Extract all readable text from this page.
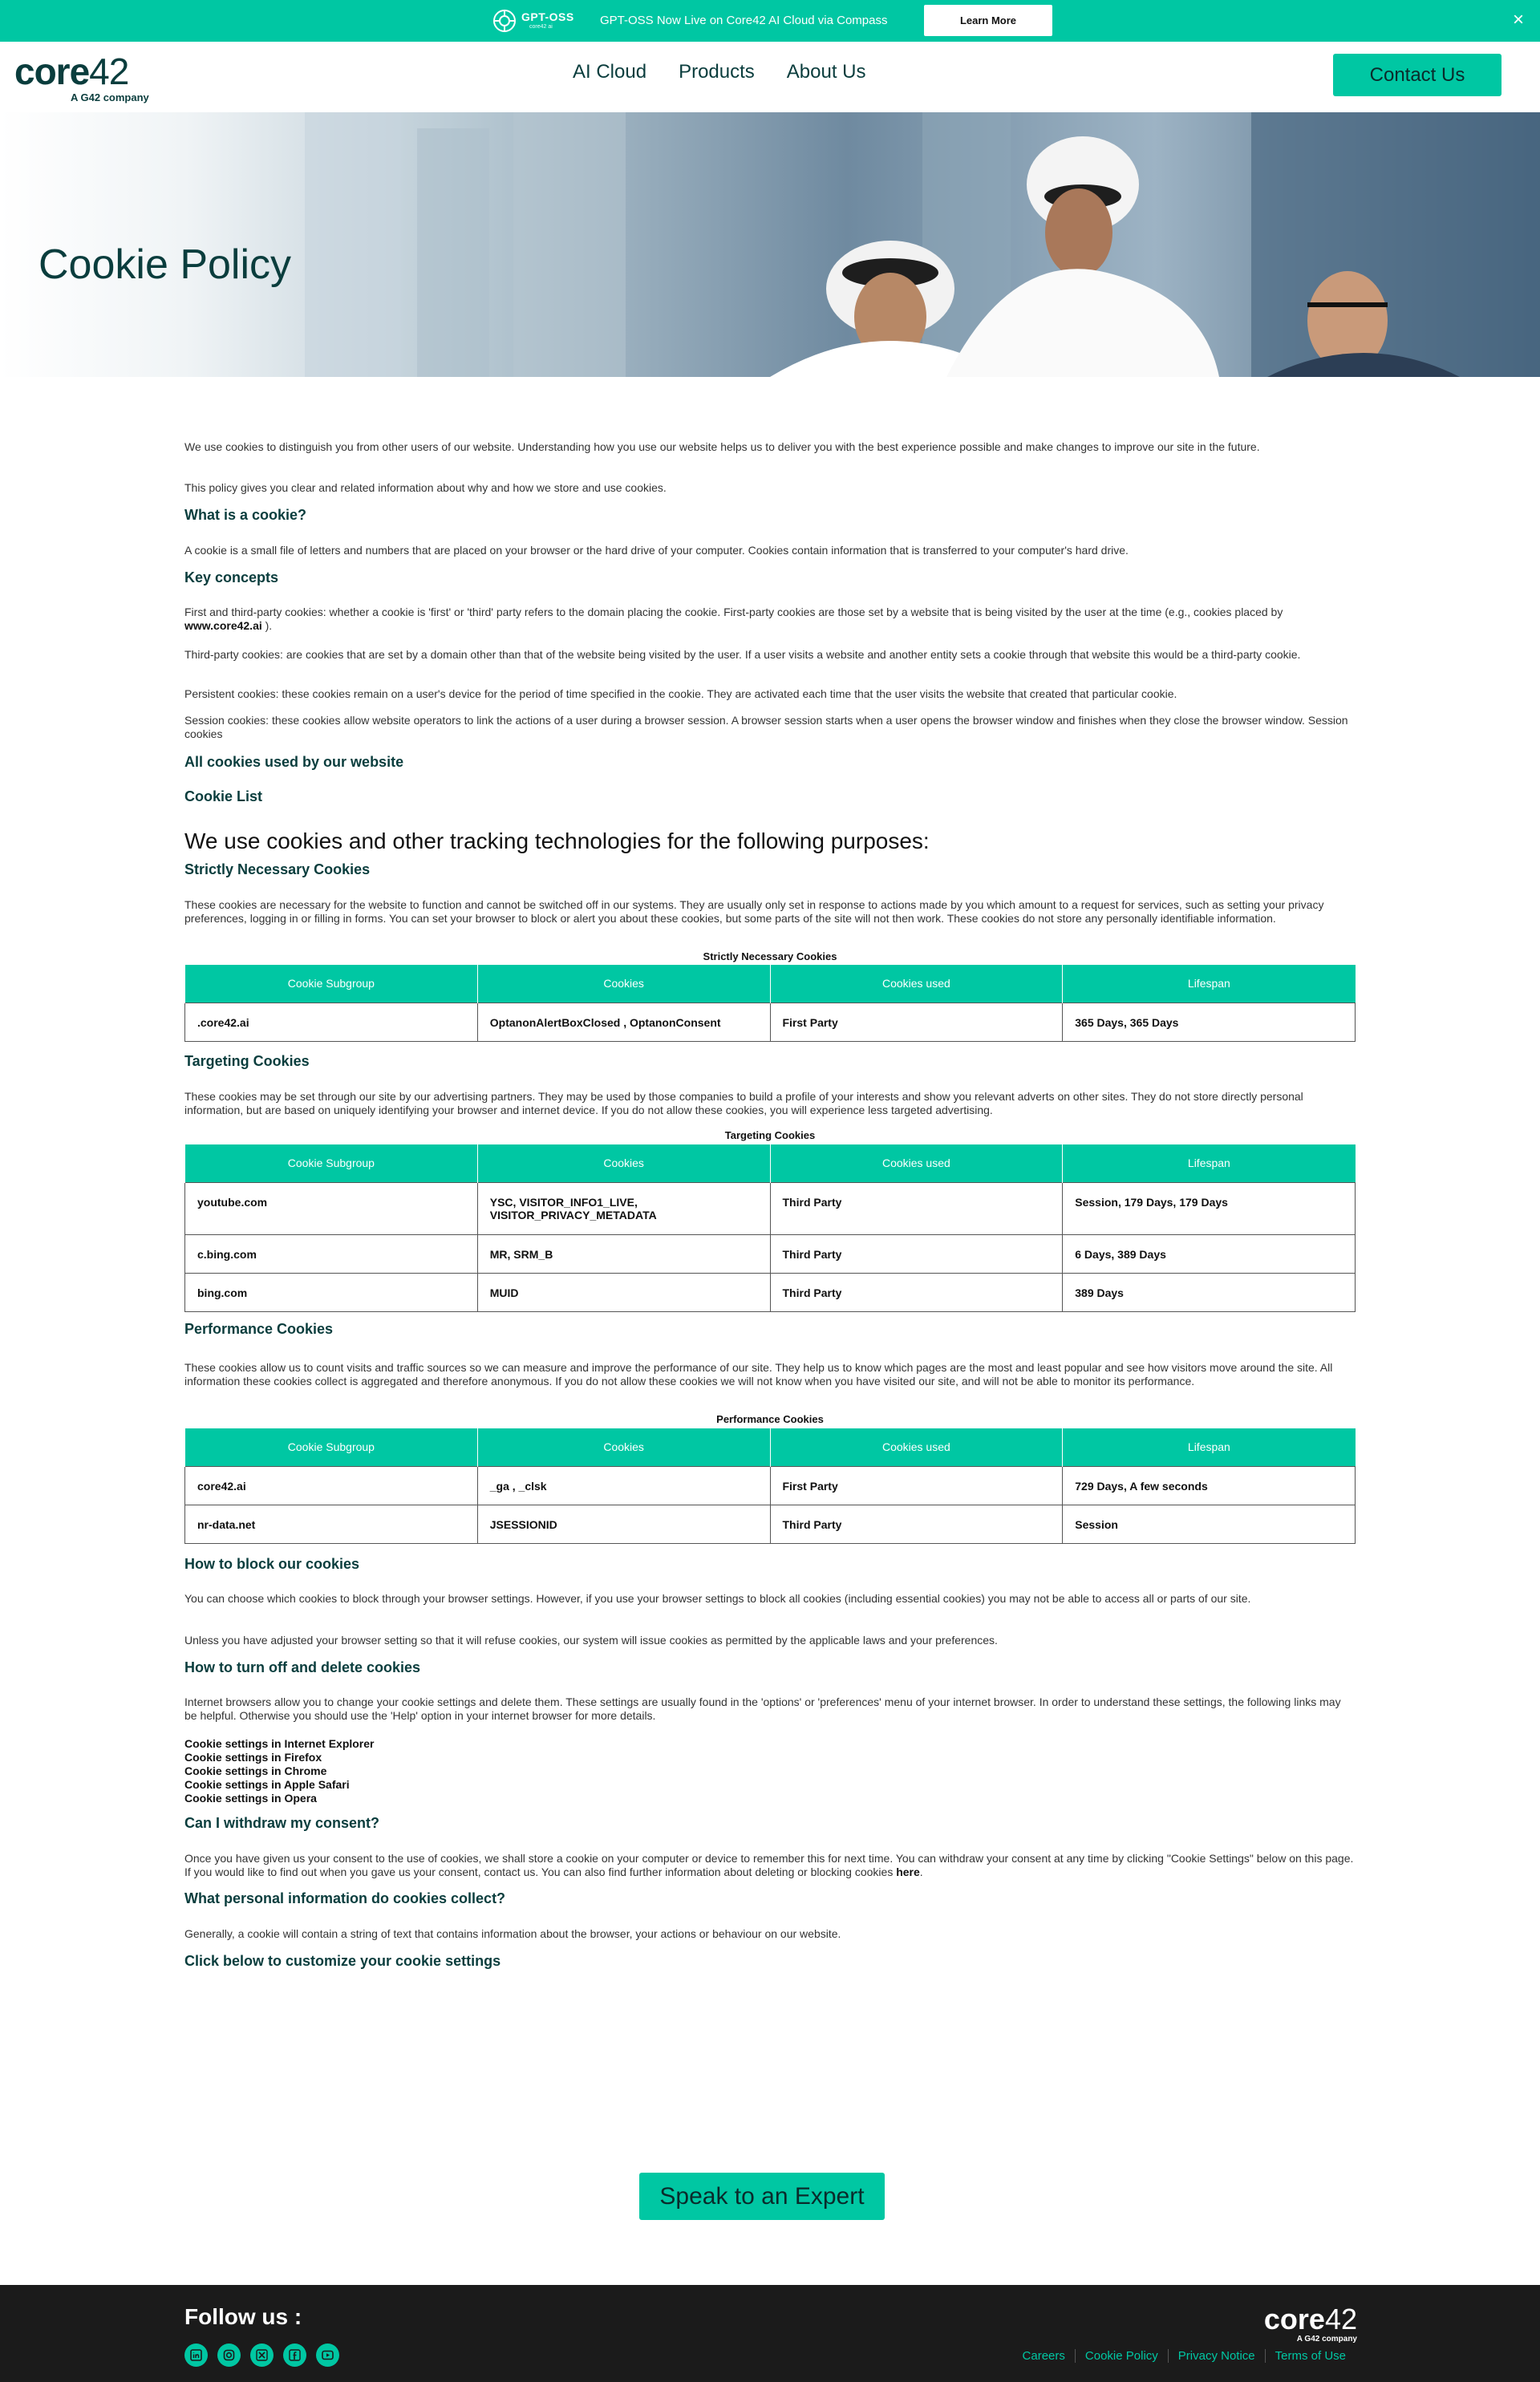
GPT-OSS
core42 ai	GPT-OSS Now Live on Core42 AI Cloud via Compass	Learn More	×
core42
A G42 company
AI Cloud Products About Us	Contact Us
Cookie Policy

We use cookies to distinguish you from other users of our website. Understanding how you use our website helps us to deliver you with the best experience possible and make changes to improve our site in the future.

This policy gives you clear and related information about why and how we store and use cookies.

What is a cookie?

A cookie is a small file of letters and numbers that are placed on your browser or the hard drive of your computer. Cookies contain information that is transferred to your computer's hard drive.

Key concepts

First and third-party cookies: whether a cookie is 'first' or 'third' party refers to the domain placing the cookie. First-party cookies are those set by a website that is being visited by the user at the time (e.g., cookies placed by www.core42.ai ).

Third-party cookies: are cookies that are set by a domain other than that of the website being visited by the user. If a user visits a website and another entity sets a cookie through that website this would be a third-party cookie.

Persistent cookies: these cookies remain on a user's device for the period of time specified in the cookie. They are activated each time that the user visits the website that created that particular cookie.

Session cookies: these cookies allow website operators to link the actions of a user during a browser session. A browser session starts when a user opens the browser window and finishes when they close the browser window. Session cookies

All cookies used by our website
Cookie List
We use cookies and other tracking technologies for the following purposes:
Strictly Necessary Cookies

These cookies are necessary for the website to function and cannot be switched off in our systems. They are usually only set in response to actions made by you which amount to a request for services, such as setting your privacy preferences, logging in or filling in forms. You can set your browser to block or alert you about these cookies, but some parts of the site will not then work. These cookies do not store any personally identifiable information.

Strictly Necessary Cookies
Cookie Subgroup	Cookies	Cookies used	Lifespan
.core42.ai	OptanonAlertBoxClosed , OptanonConsent	First Party	365 Days, 365 Days
Targeting Cookies

These cookies may be set through our site by our advertising partners. They may be used by those companies to build a profile of your interests and show you relevant adverts on other sites. They do not store directly personal information, but are based on uniquely identifying your browser and internet device. If you do not allow these cookies, you will experience less targeted advertising.

Targeting Cookies
Cookie Subgroup	Cookies	Cookies used	Lifespan
youtube.com	YSC, VISITOR_INFO1_LIVE, VISITOR_PRIVACY_METADATA	Third Party	Session, 179 Days, 179 Days
c.bing.com	MR, SRM_B	Third Party	6 Days, 389 Days
bing.com	MUID	Third Party	389 Days
Performance Cookies

These cookies allow us to count visits and traffic sources so we can measure and improve the performance of our site. They help us to know which pages are the most and least popular and see how visitors move around the site. All information these cookies collect is aggregated and therefore anonymous. If you do not allow these cookies we will not know when you have visited our site, and will not be able to monitor its performance.

Performance Cookies
Cookie Subgroup	Cookies	Cookies used	Lifespan
core42.ai	_ga , _clsk	First Party	729 Days, A few seconds
nr-data.net	JSESSIONID	Third Party	Session
How to block our cookies

You can choose which cookies to block through your browser settings. However, if you use your browser settings to block all cookies (including essential cookies) you may not be able to access all or parts of our site.

Unless you have adjusted your browser setting so that it will refuse cookies, our system will issue cookies as permitted by the applicable laws and your preferences.

How to turn off and delete cookies

Internet browsers allow you to change your cookie settings and delete them. These settings are usually found in the 'options' or 'preferences' menu of your internet browser. In order to understand these settings, the following links may be helpful. Otherwise you should use the 'Help' option in your internet browser for more details.

Cookie settings in Internet Explorer

Cookie settings in Firefox

Cookie settings in Chrome

Cookie settings in Apple Safari

Cookie settings in Opera

Can I withdraw my consent?

Once you have given us your consent to the use of cookies, we shall store a cookie on your computer or device to remember this for next time. You can withdraw your consent at any time by clicking "Cookie Settings" below on this page. If you would like to find out when you gave us your consent, contact us. You can also find further information about deleting or blocking cookies here.

What personal information do cookies collect?

Generally, a cookie will contain a string of text that contains information about the browser, your actions or behaviour on our website.

Click below to customize your cookie settings
Speak to an Expert
Follow us :	core42
A G42 company
Careers	Cookie Policy	Privacy Notice	Terms of Use
